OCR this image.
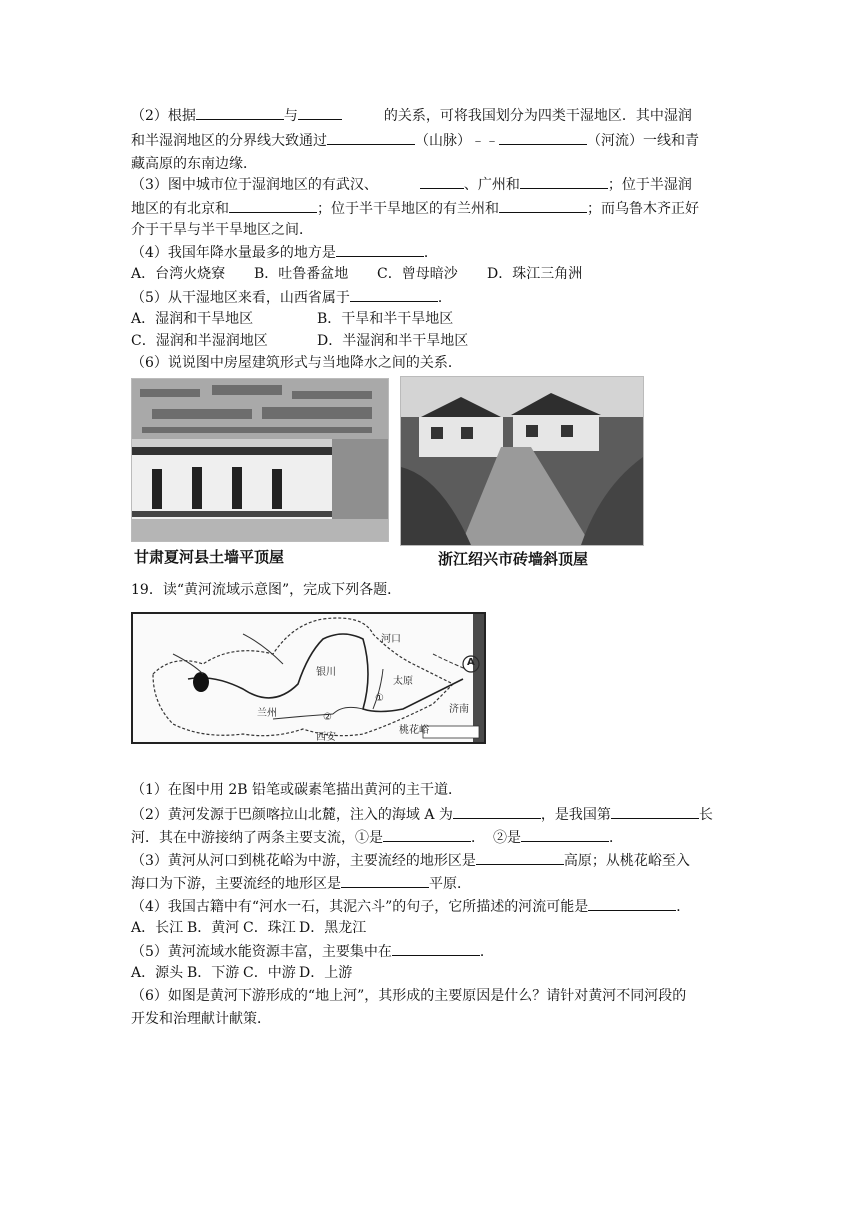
（2）根据	与	的关系，可将我国划分为四类干湿地区．其中湿润
和半湿润地区的分界线大致通过	（山脉）﹣﹣	（河流）一线和青
藏高原的东南边缘．
（3）图中城市位于湿润地区的有武汉、	、广州和	；位于半湿润
地区的有北京和	；位于半干旱地区的有兰州和	；而乌鲁木齐正好
介于干旱与半干旱地区之间．
（4）我国年降水量最多的地方是	．
A．台湾火烧寮 B．吐鲁番盆地 C．曾母暗沙 D．珠江三角洲
（5）从干湿地区来看，山西省属于	．
A．湿润和干旱地区	B．干旱和半干旱地区
C．湿润和半湿润地区	D．半湿润和半干旱地区
（6）说说图中房屋建筑形式与当地降水之间的关系．
甘肃夏河县土墙平顶屋	浙江绍兴市砖墙斜顶屋
19．读“黄河流域示意图”，完成下列各题．
河口
银川
太原
济南
兰州
西安
桃花峪
A
①
②
（1）在图中用 2B 铅笔或碳素笔描出黄河的主干道．
（2）黄河发源于巴颜喀拉山北麓，注入的海域 A 为	，是我国第	长
河．其在中游接纳了两条主要支流，①是	． ②是	．
（3）黄河从河口到桃花峪为中游，主要流经的地形区是	高原；从桃花峪至入
海口为下游，主要流经的地形区是	平原．
（4）我国古籍中有“河水一石，其泥六斗”的句子，它所描述的河流可能是	．
A．长江 B．黄河 C．珠江 D．黑龙江
（5）黄河流域水能资源丰富，主要集中在	．
A．源头 B．下游 C．中游 D．上游
（6）如图是黄河下游形成的“地上河”，其形成的主要原因是什么？请针对黄河不同河段的
开发和治理献计献策．
